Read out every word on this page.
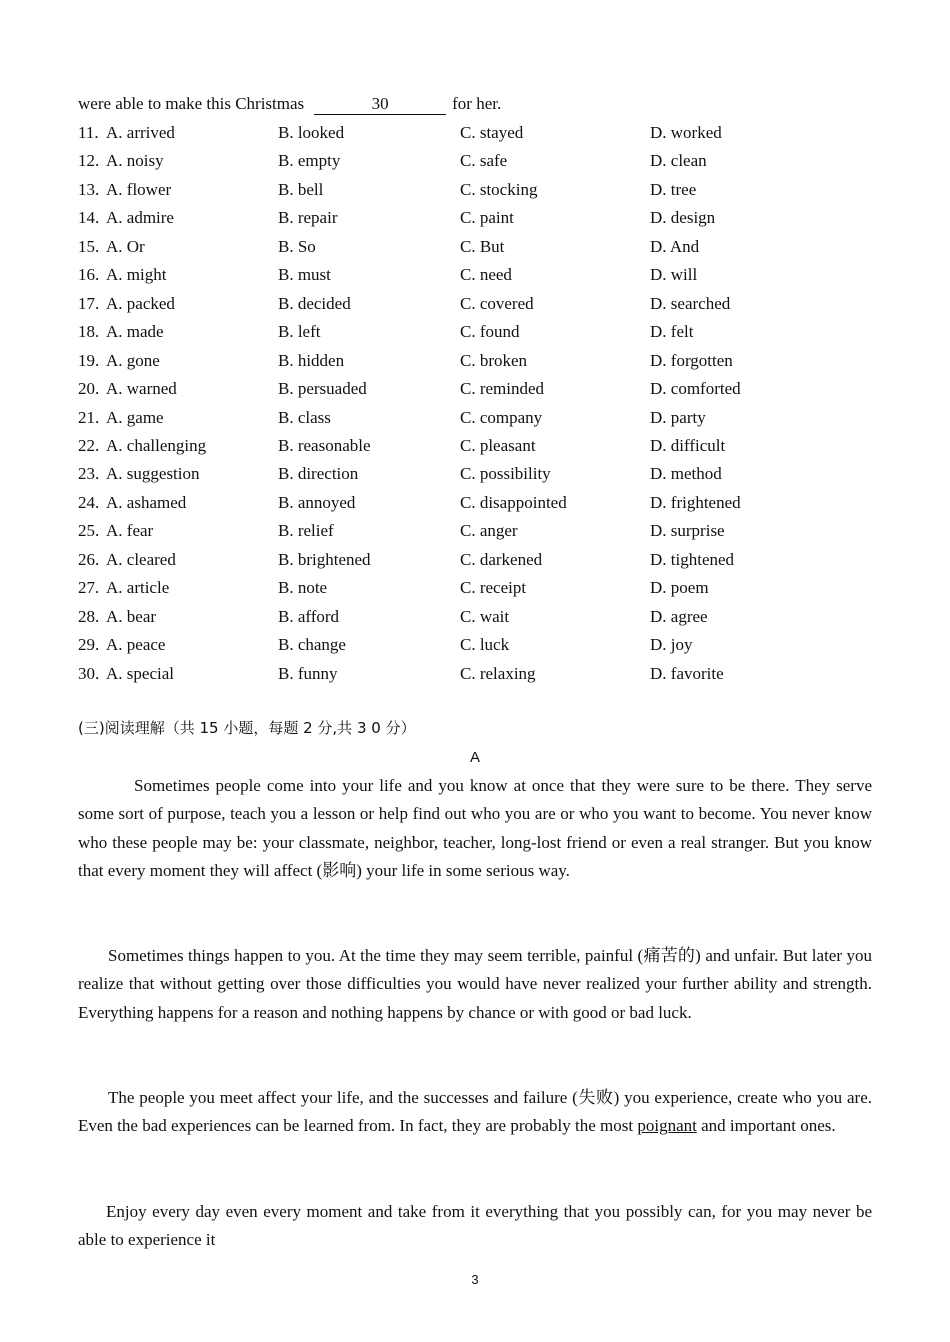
were able to make this Christmas	30	for her.
11. A. arrived	B. looked	C. stayed	D. worked
12. A. noisy	B. empty	C. safe	D. clean
13. A. flower	B. bell	C. stocking	D. tree
14. A. admire	B. repair	C. paint	D. design
15. A. Or	B. So	C. But	D. And
16. A. might	B. must	C. need	D. will
17. A. packed	B. decided	C. covered	D. searched
18. A. made	B. left	C. found	D. felt
19. A. gone	B. hidden	C. broken	D. forgotten
20. A. warned	B. persuaded	C. reminded	D. comforted
21. A. game	B. class	C. company	D. party
22. A. challenging	B. reasonable	C. pleasant	D. difficult
23. A. suggestion	B. direction	C. possibility	D. method
24. A. ashamed	B. annoyed	C. disappointed	D. frightened
25. A. fear	B. relief	C. anger	D. surprise
26. A. cleared	B. brightened	C. darkened	D. tightened
27. A. article	B. note	C. receipt	D. poem
28. A. bear	B. afford	C. wait	D. agree
29. A. peace	B. change	C. luck	D. joy
30. A. special	B. funny	C. relaxing	D. favorite
(三)阅读理解（共 15 小题，每题 2 分,共 3 0 分）
A
Sometimes people come into your life and you know at once that they were sure to be there. They serve some sort of purpose, teach you a lesson or help find out who you are or who you want to become. You never know who these people may be: your classmate, neighbor, teacher, long-lost friend or even a real stranger. But you know that every moment they will affect (影响) your life in some serious way.
Sometimes things happen to you. At the time they may seem terrible, painful (痛苦的) and unfair. But later you realize that without getting over those difficulties you would have never realized your further ability and strength. Everything happens for a reason and nothing happens by chance or with good or bad luck.
The people you meet affect your life, and the successes and failure (失败) you experience, create who you are. Even the bad experiences can be learned from. In fact, they are probably the most poignant and important ones.
Enjoy every day even every moment and take from it everything that you possibly can, for you may never be able to experience it
3
